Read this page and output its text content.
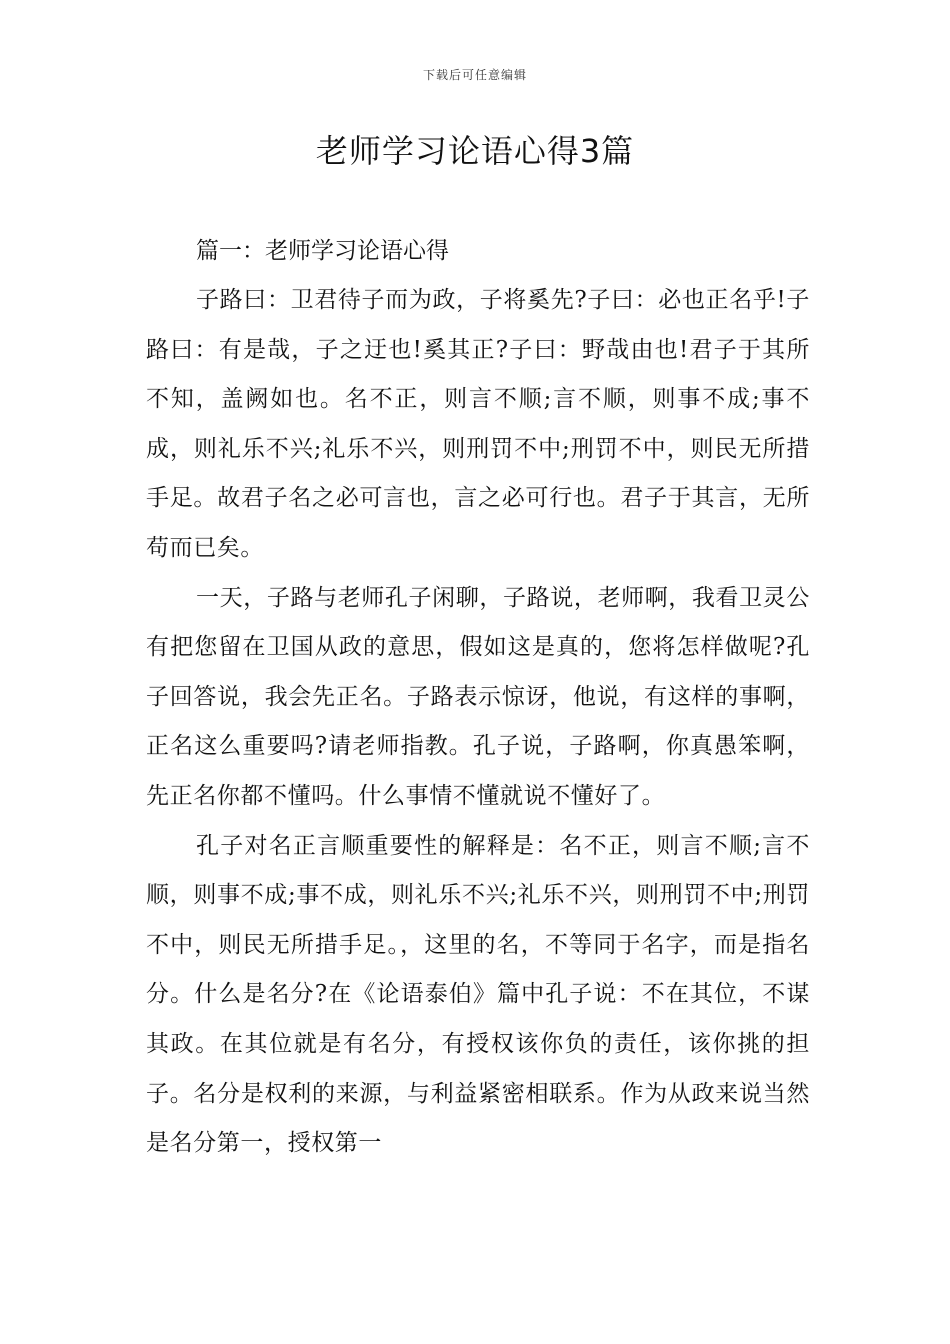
下载后可任意编辑
老师学习论语心得3篇

篇一：老师学习论语心得

子路曰：卫君待子而为政，子将奚先?子曰：必也正名乎!子路曰：有是哉，子之迂也!奚其正?子曰：野哉由也!君子于其所不知，盖阙如也。名不正，则言不顺;言不顺，则事不成;事不成，则礼乐不兴;礼乐不兴，则刑罚不中;刑罚不中，则民无所措手足。故君子名之必可言也，言之必可行也。君子于其言，无所苟而已矣。

一天，子路与老师孔子闲聊，子路说，老师啊，我看卫灵公有把您留在卫国从政的意思，假如这是真的，您将怎样做呢?孔子回答说，我会先正名。子路表示惊讶，他说，有这样的事啊，正名这么重要吗?请老师指教。孔子说，子路啊，你真愚笨啊，先正名你都不懂吗。什么事情不懂就说不懂好了。

孔子对名正言顺重要性的解释是：名不正，则言不顺;言不顺，则事不成;事不成，则礼乐不兴;礼乐不兴，则刑罚不中;刑罚不中，则民无所措手足。，这里的名，不等同于名字，而是指名分。什么是名分?在《论语泰伯》篇中孔子说：不在其位，不谋其政。在其位就是有名分，有授权该你负的责任，该你挑的担子。名分是权利的来源，与利益紧密相联系。作为从政来说当然是名分第一，授权第一
